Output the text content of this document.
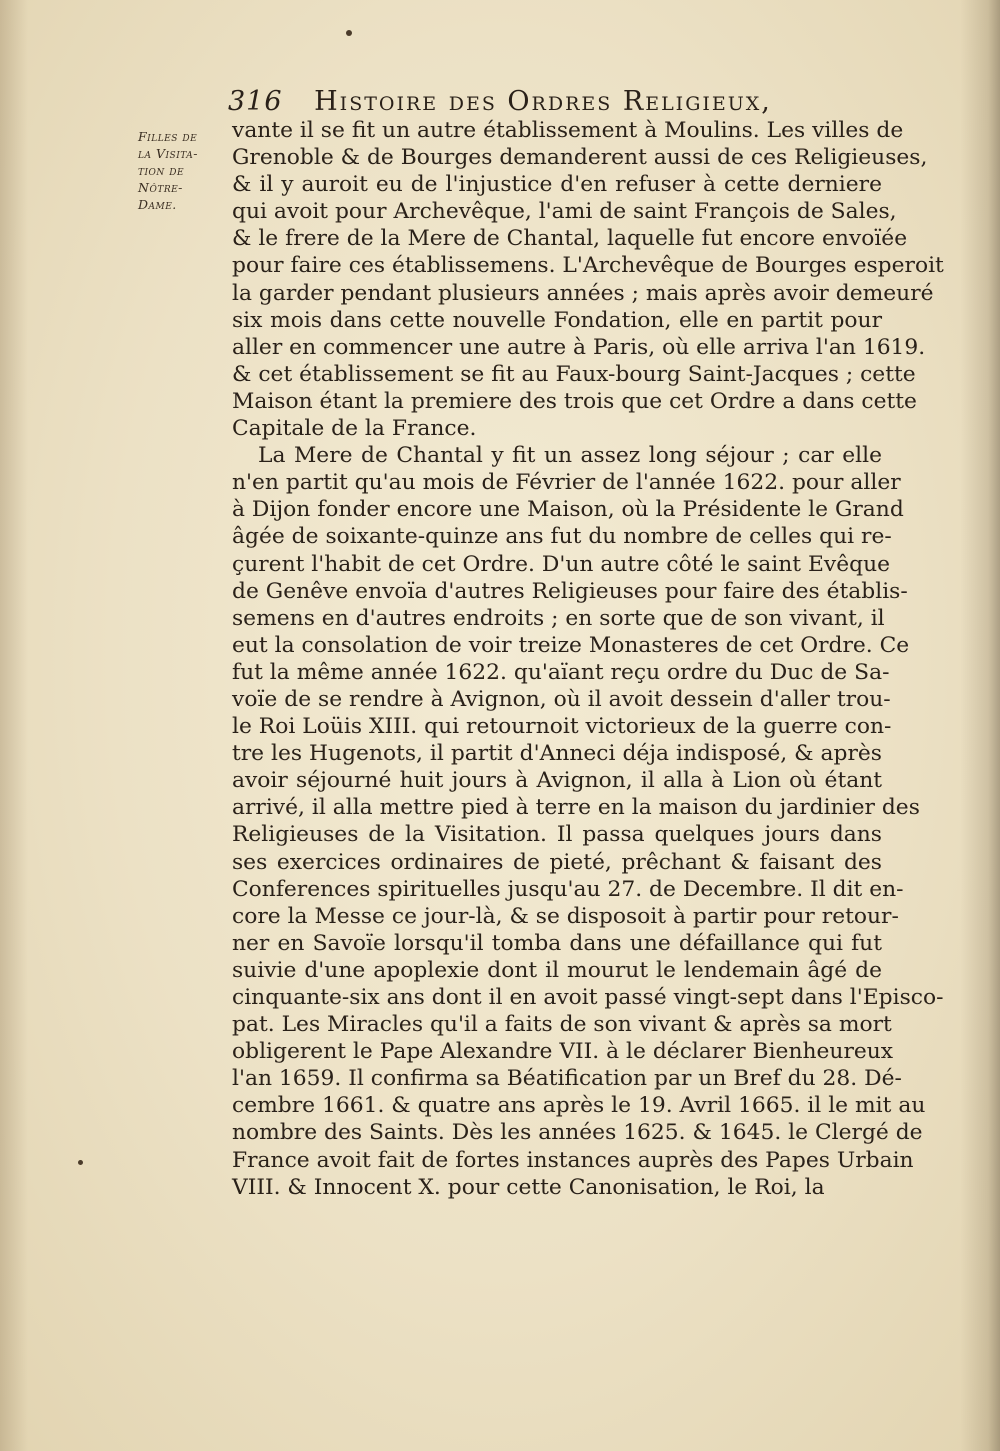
316 Histoire des Ordres Religieux,
Filles de
la Visita-
tion de
Nôtre-
Dame.
vante il se fit un autre établissement à Moulins. Les villes de
Grenoble & de Bourges demanderent aussi de ces Religieuses,
& il y auroit eu de l'injustice d'en refuser à cette derniere
qui avoit pour Archevêque, l'ami de saint François de Sales,
& le frere de la Mere de Chantal, laquelle fut encore envoïée
pour faire ces établissemens. L'Archevêque de Bourges esperoit
la garder pendant plusieurs années ; mais après avoir demeuré
six mois dans cette nouvelle Fondation, elle en partit pour
aller en commencer une autre à Paris, où elle arriva l'an 1619.
& cet établissement se fit au Faux-bourg Saint-Jacques ; cette
Maison étant la premiere des trois que cet Ordre a dans cette
Capitale de la France.
La Mere de Chantal y fit un assez long séjour ; car elle
n'en partit qu'au mois de Février de l'année 1622. pour aller
à Dijon fonder encore une Maison, où la Présidente le Grand
âgée de soixante-quinze ans fut du nombre de celles qui re-
çurent l'habit de cet Ordre. D'un autre côté le saint Evêque
de Genêve envoïa d'autres Religieuses pour faire des établis-
semens en d'autres endroits ; en sorte que de son vivant, il
eut la consolation de voir treize Monasteres de cet Ordre. Ce
fut la même année 1622. qu'aïant reçu ordre du Duc de Sa-
voïe de se rendre à Avignon, où il avoit dessein d'aller trou-
le Roi Loüis XIII. qui retournoit victorieux de la guerre con-
tre les Hugenots, il partit d'Anneci déja indisposé, & après
avoir séjourné huit jours à Avignon, il alla à Lion où étant
arrivé, il alla mettre pied à terre en la maison du jardinier des
Religieuses de la Visitation. Il passa quelques jours dans
ses exercices ordinaires de pieté, prêchant & faisant des
Conferences spirituelles jusqu'au 27. de Decembre. Il dit en-
core la Messe ce jour-là, & se disposoit à partir pour retour-
ner en Savoïe lorsqu'il tomba dans une défaillance qui fut
suivie d'une apoplexie dont il mourut le lendemain âgé de
cinquante-six ans dont il en avoit passé vingt-sept dans l'Episco-
pat. Les Miracles qu'il a faits de son vivant & après sa mort
obligerent le Pape Alexandre VII. à le déclarer Bienheureux
l'an 1659. Il confirma sa Béatification par un Bref du 28. Dé-
cembre 1661. & quatre ans après le 19. Avril 1665. il le mit au
nombre des Saints. Dès les années 1625. & 1645. le Clergé de
France avoit fait de fortes instances auprès des Papes Urbain
VIII. & Innocent X. pour cette Canonisation, le Roi, la
